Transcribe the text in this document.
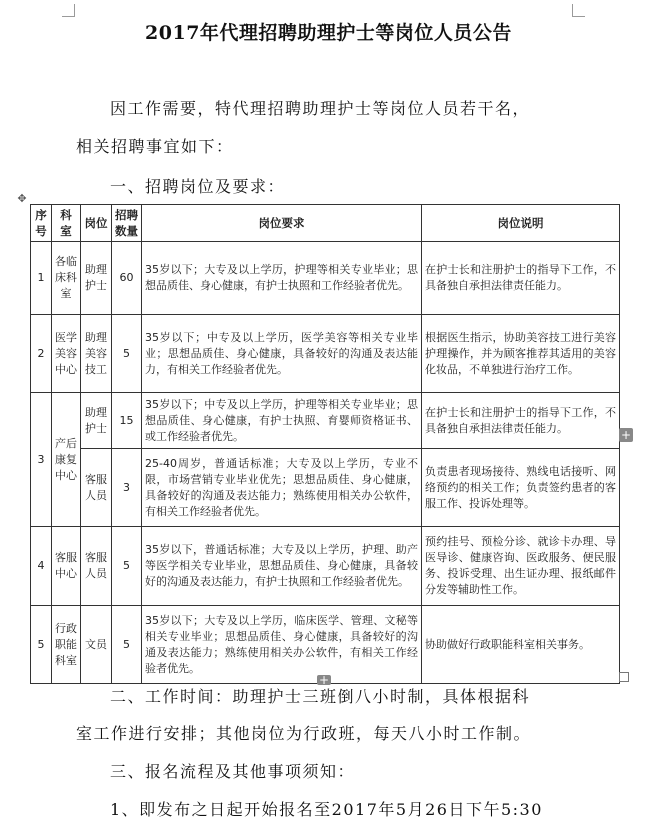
2017年代理招聘助理护士等岗位人员公告
因工作需要，特代理招聘助理护士等岗位人员若干名，
相关招聘事宜如下：
一、招聘岗位及要求：
✥
序号	科室	岗位	招聘数量	岗位要求	岗位说明
1	各临床科室	助理护士	60	35岁以下；大专及以上学历，护理等相关专业毕业；思想品质佳、身心健康，有护士执照和工作经验者优先。	在护士长和注册护士的指导下工作，不具备独自承担法律责任能力。
2	医学美容中心	助理美容技工	5	35岁以下；中专及以上学历，医学美容等相关专业毕业；思想品质佳、身心健康，具备较好的沟通及表达能力，有相关工作经验者优先。	根据医生指示，协助美容技工进行美容护理操作，并为顾客推荐其适用的美容化妆品，不单独进行治疗工作。
3	产后康复中心	助理护士	15	35岁以下；中专及以上学历，护理等相关专业毕业；思想品质佳、身心健康，有护士执照、育婴师资格证书、或工作经验者优先。	在护士长和注册护士的指导下工作，不具备独自承担法律责任能力。
		客服人员	3	25-40周岁，普通话标准；大专及以上学历，专业不限，市场营销专业毕业优先；思想品质佳、身心健康，具备较好的沟通及表达能力；熟练使用相关办公软件，有相关工作经验者优先。	负责患者现场接待、熟线电话接听、网络预约的相关工作；负责签约患者的客服工作、投诉处理等。
4	客服中心	客服人员	5	35岁以下，普通话标准；大专及以上学历，护理、助产等医学相关专业毕业，思想品质佳、身心健康，具备较好的沟通及表达能力，有护士执照和工作经验者优先。	预约挂号、预检分诊、就诊卡办理、导医导诊、健康咨询、医政服务、便民服务、投诉受理、出生证办理、报纸邮件分发等辅助性工作。
5	行政职能科室	文员	5	35岁以下；大专及以上学历，临床医学、管理、文秘等相关专业毕业；思想品质佳、身心健康，具备较好的沟通及表达能力；熟练使用相关办公软件，有相关工作经验者优先。	协助做好行政职能科室相关事务。
+
+
二、工作时间：助理护士三班倒八小时制，具体根据科
室工作进行安排；其他岗位为行政班，每天八小时工作制。
三、报名流程及其他事项须知：
1、即发布之日起开始报名至2017年5月26日下午5:30
